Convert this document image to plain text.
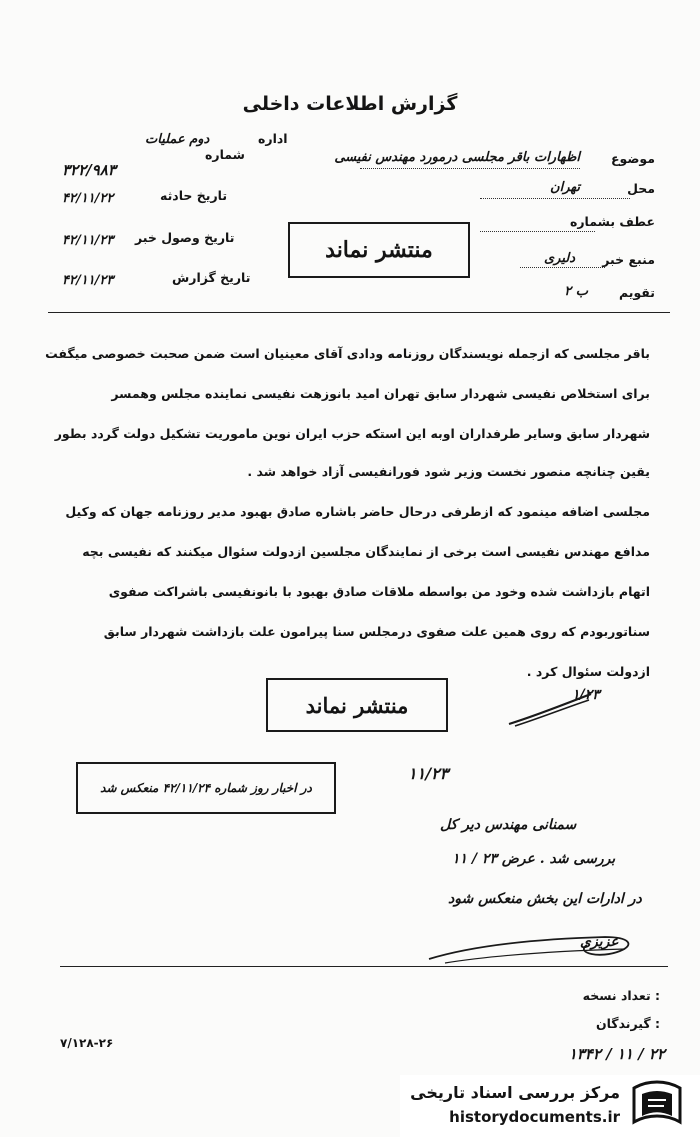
گزارش اطلاعات داخلی
موضوع
اظهارات باقر مجلسی درمورد مهندس نفیسی
محل
تهران
عطف بشماره
منبع خبر
دلیری
تقویم
ب ۲
شماره
اداره
دوم عملیات
۳۲۲/۹۸۳
تاریخ حادثه
۴۲/۱۱/۲۲
تاریخ وصول خبر
۴۲/۱۱/۲۳
تاریخ گزارش
۴۲/۱۱/۲۳
منتشر نماند

باقر مجلسی که ازجمله نویسندگان روزنامه ودادی آقای معینیان است ضمن صحبت خصوصی میگفت

برای استخلاص نفیسی شهردار سابق تهران امید بانوزهت نفیسی نماینده مجلس وهمسر

شهردار سابق وسایر طرفداران اوبه این استکه حزب ایران نوین ماموریت تشکیل دولت گردد بطور

یقین چنانچه منصور نخست وزیر شود فورانفیسی آزاد خواهد شد .

مجلسی اضافه مینمود که ازطرفی درحال حاضر باشاره صادق بهبود مدیر روزنامه جهان که وکیل

مدافع مهندس نفیسی است برخی از نمایندگان مجلسین ازدولت سئوال میکنند که نفیسی بچه

اتهام بازداشت شده وخود من بواسطه ملاقات صادق بهبود با بانونفیسی باشراکت صفوی

سناتوربودم که روی همین علت صفوی درمجلس سنا پیرامون علت بازداشت شهردار سابق

ازدولت سئوال کرد .

منتشر نماند	۱/۲۳
در اخبار روز شماره ۴۲/۱۱/۲۴ منعکس شد
۱۱/۲۳
سمنانی مهندس دیر کل
بررسی شد . عرض ۲۳ / ۱۱
در ادارات این بخش منعکس شود
عزیزی
تعداد نسخه :
گیرندگان :
۷/۱۲۸-۲۶
۱۳۴۲ / ۱۱ / ۲۲
مرکز بررسی اسناد تاریخی
historydocuments.ir
